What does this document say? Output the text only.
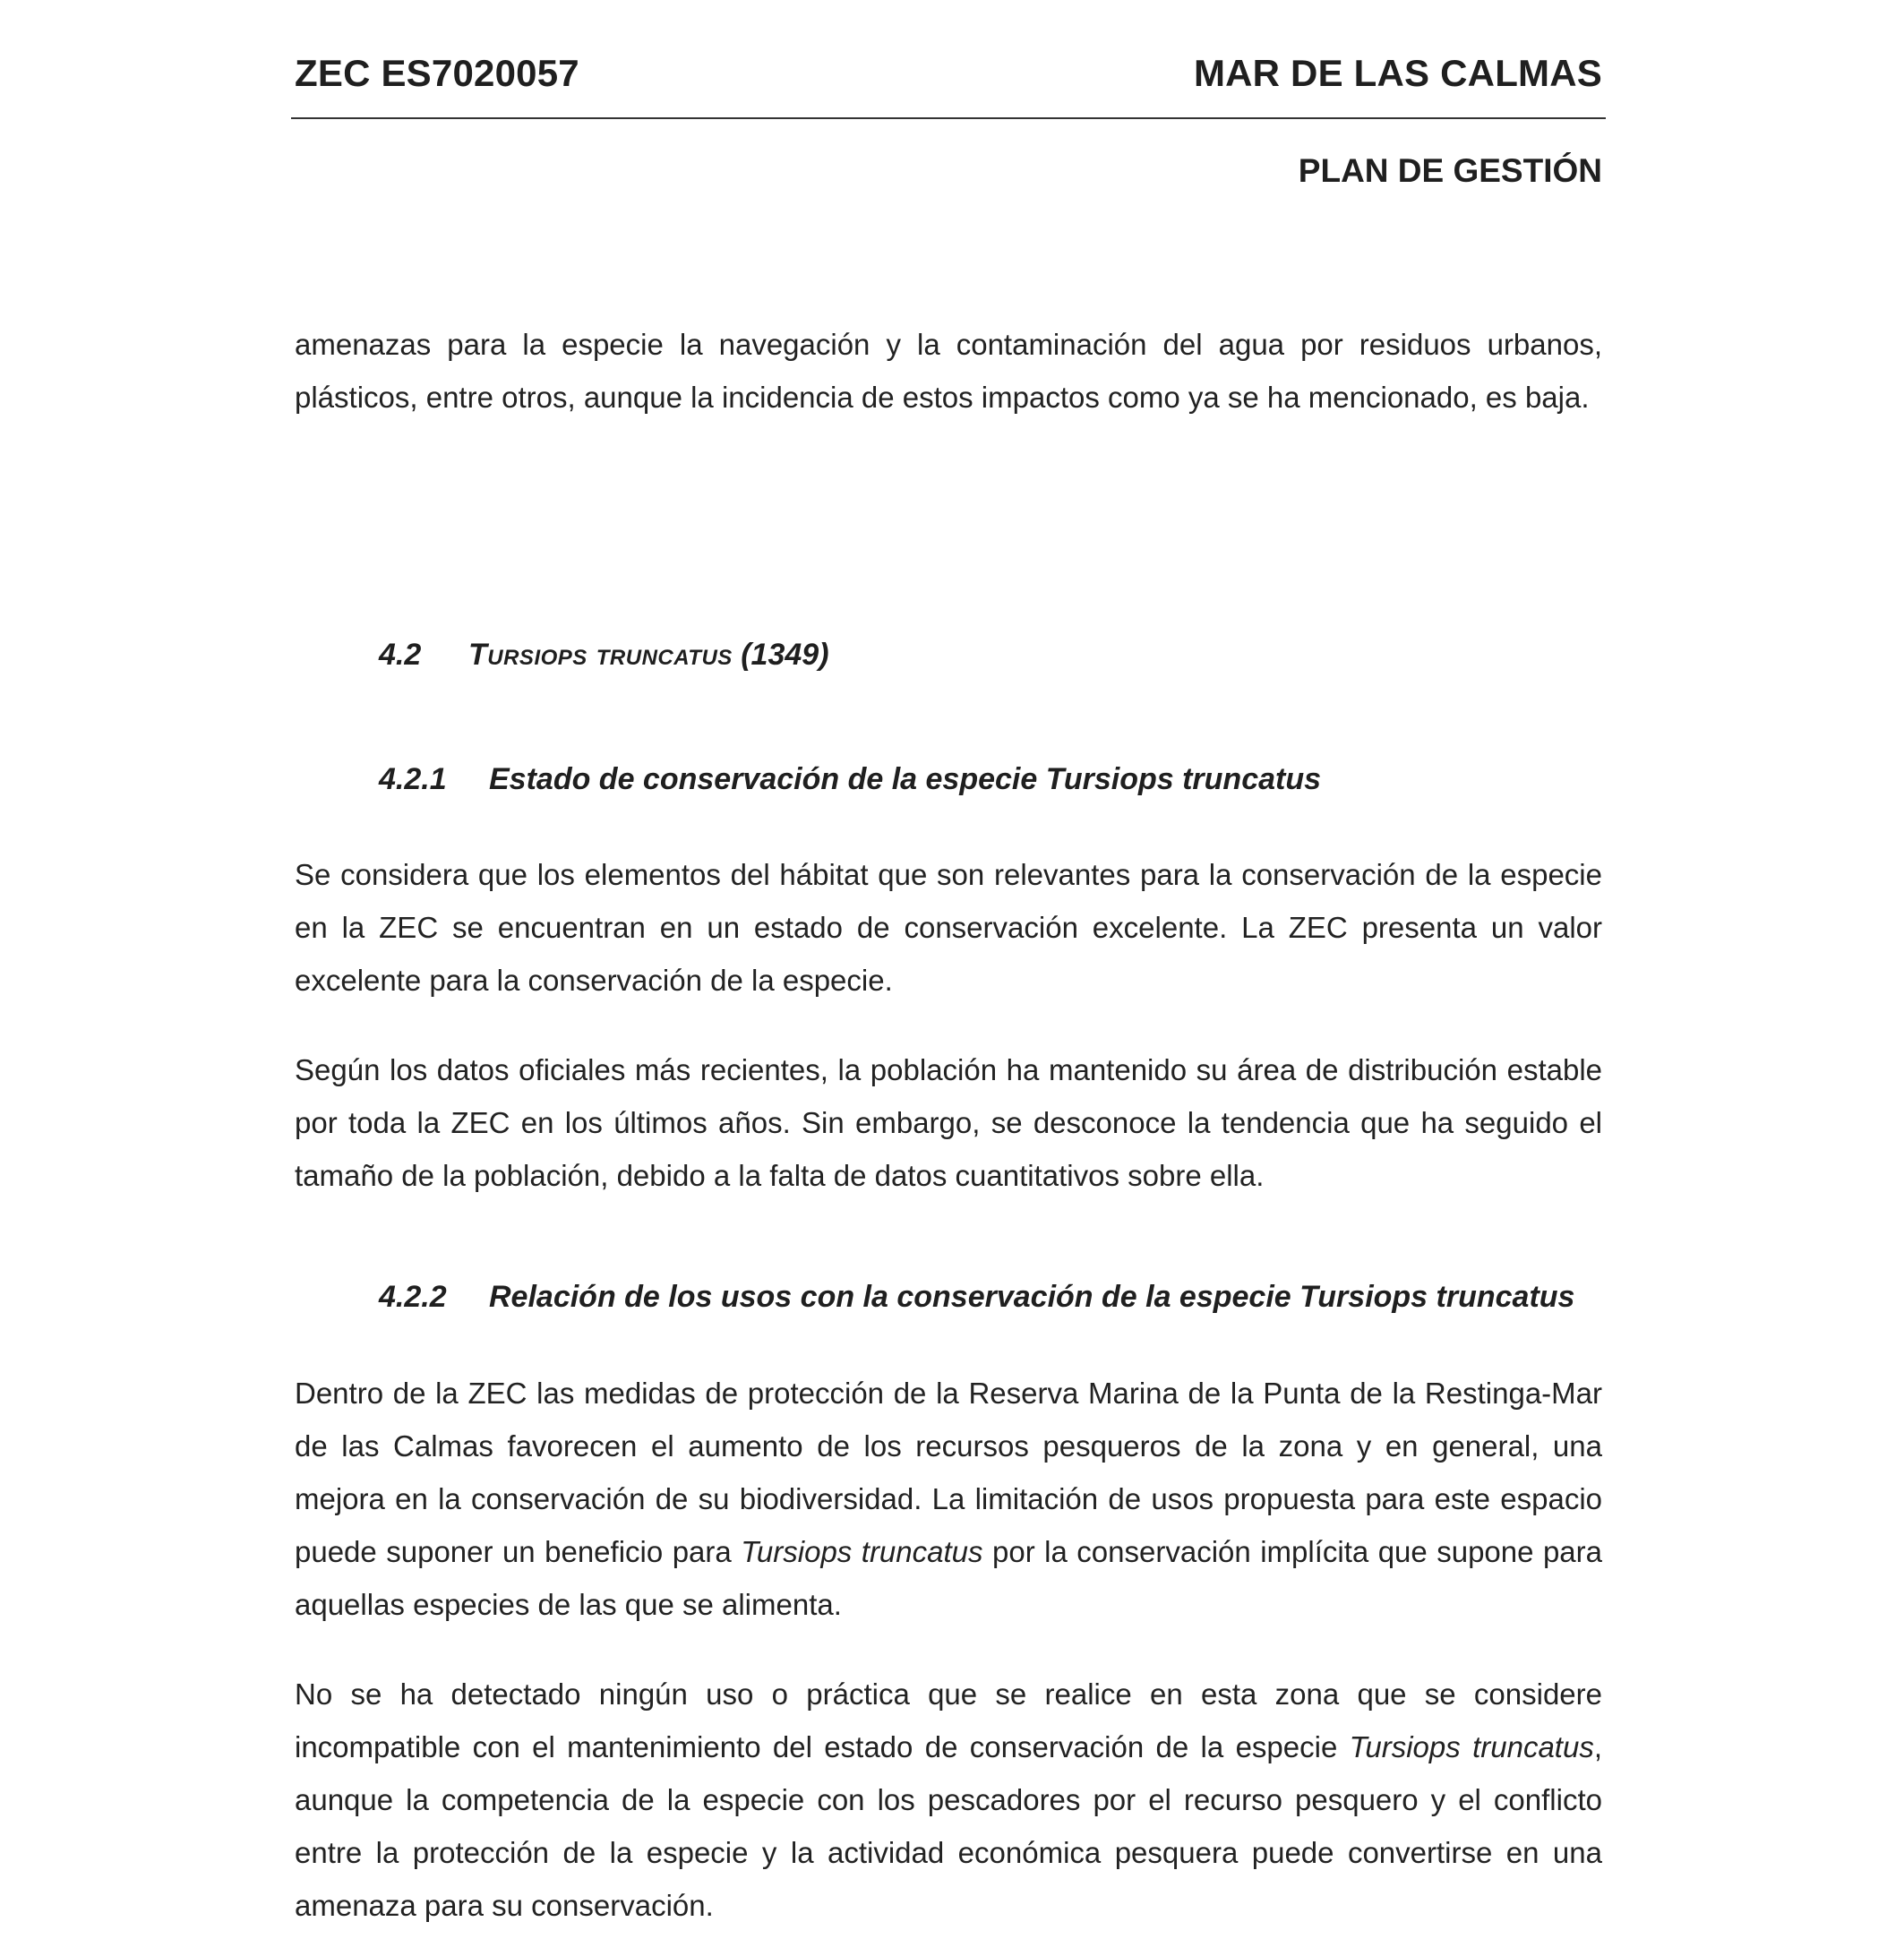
ZEC ES7020057	MAR DE LAS CALMAS
PLAN DE GESTIÓN

amenazas para la especie la navegación y la contaminación del agua por residuos urbanos, plásticos, entre otros, aunque la incidencia de estos impactos como ya se ha mencionado, es baja.

4.2	Tursiops truncatus
(1349)
4.2.1	Estado de conservación de la especie Tursiops truncatus

Se considera que los elementos del hábitat que son relevantes para la conservación de la especie en la ZEC se encuentran en un estado de conservación excelente. La ZEC presenta un valor excelente para la conservación de la especie.

Según los datos oficiales más recientes, la población ha mantenido su área de distribución estable por toda la ZEC en los últimos años. Sin embargo, se desconoce la tendencia que ha seguido el tamaño de la población, debido a la falta de datos cuantitativos sobre ella.

4.2.2	Relación de los usos con la conservación de la especie Tursiops truncatus

Dentro de la ZEC las medidas de protección de la Reserva Marina de la Punta de la Restinga-Mar de las Calmas favorecen el aumento de los recursos pesqueros de la zona y en general, una mejora en la conservación de su biodiversidad. La limitación de usos propuesta para este espacio puede suponer un beneficio para Tursiops truncatus por la conservación implícita que supone para aquellas especies de las que se alimenta.

No se ha detectado ningún uso o práctica que se realice en esta zona que se considere incompatible con el mantenimiento del estado de conservación de la especie Tursiops truncatus, aunque la competencia de la especie con los pescadores por el recurso pesquero y el conflicto entre la protección de la especie y la actividad económica pesquera puede convertirse en una amenaza para su conservación.
